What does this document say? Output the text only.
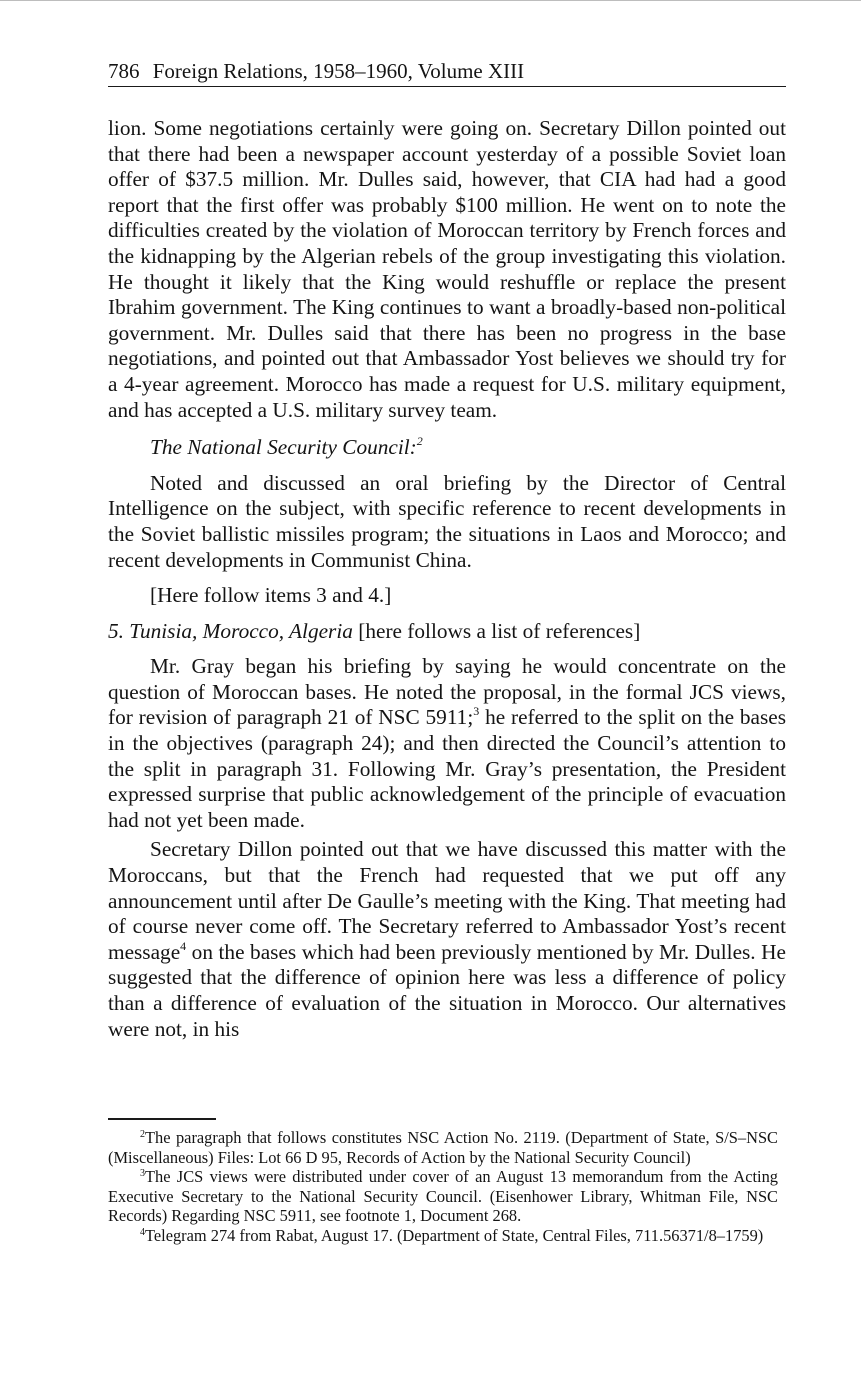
786 Foreign Relations, 1958–1960, Volume XIII

lion. Some negotiations certainly were going on. Secretary Dillon pointed out that there had been a newspaper account yesterday of a possible Soviet loan offer of $37.5 million. Mr. Dulles said, however, that CIA had had a good report that the first offer was probably $100 million. He went on to note the difficulties created by the violation of Moroccan territory by French forces and the kidnapping by the Algerian rebels of the group investigating this violation. He thought it likely that the King would reshuffle or replace the present Ibrahim government. The King continues to want a broadly-based non-political government. Mr. Dulles said that there has been no progress in the base negotiations, and pointed out that Ambassador Yost believes we should try for a 4-year agreement. Morocco has made a request for U.S. military equipment, and has accepted a U.S. military survey team.

The National Security Council:$^2$

Noted and discussed an oral briefing by the Director of Central Intelligence on the subject, with specific reference to recent developments in the Soviet ballistic missiles program; the situations in Laos and Morocco; and recent developments in Communist China.

[Here follow items 3 and 4.]

5. Tunisia, Morocco, Algeria [here follows a list of references]

Mr. Gray began his briefing by saying he would concentrate on the question of Moroccan bases. He noted the proposal, in the formal JCS views, for revision of paragraph 21 of NSC 5911;$^3$ he referred to the split on the bases in the objectives (paragraph 24); and then directed the Council’s attention to the split in paragraph 31. Following Mr. Gray’s presentation, the President expressed surprise that public acknowledgement of the principle of evacuation had not yet been made.

Secretary Dillon pointed out that we have discussed this matter with the Moroccans, but that the French had requested that we put off any announcement until after De Gaulle’s meeting with the King. That meeting had of course never come off. The Secretary referred to Ambassador Yost’s recent message$^4$ on the bases which had been previously mentioned by Mr. Dulles. He suggested that the difference of opinion here was less a difference of policy than a difference of evaluation of the situation in Morocco. Our alternatives were not, in his

$^2$The paragraph that follows constitutes NSC Action No. 2119. (Department of State, S/S–NSC (Miscellaneous) Files: Lot 66 D 95, Records of Action by the National Security Council)

$^3$The JCS views were distributed under cover of an August 13 memorandum from the Acting Executive Secretary to the National Security Council. (Eisenhower Library, Whitman File, NSC Records) Regarding NSC 5911, see footnote 1, Document 268.

$^4$Telegram 274 from Rabat, August 17. (Department of State, Central Files, 711.56371/8–1759)
